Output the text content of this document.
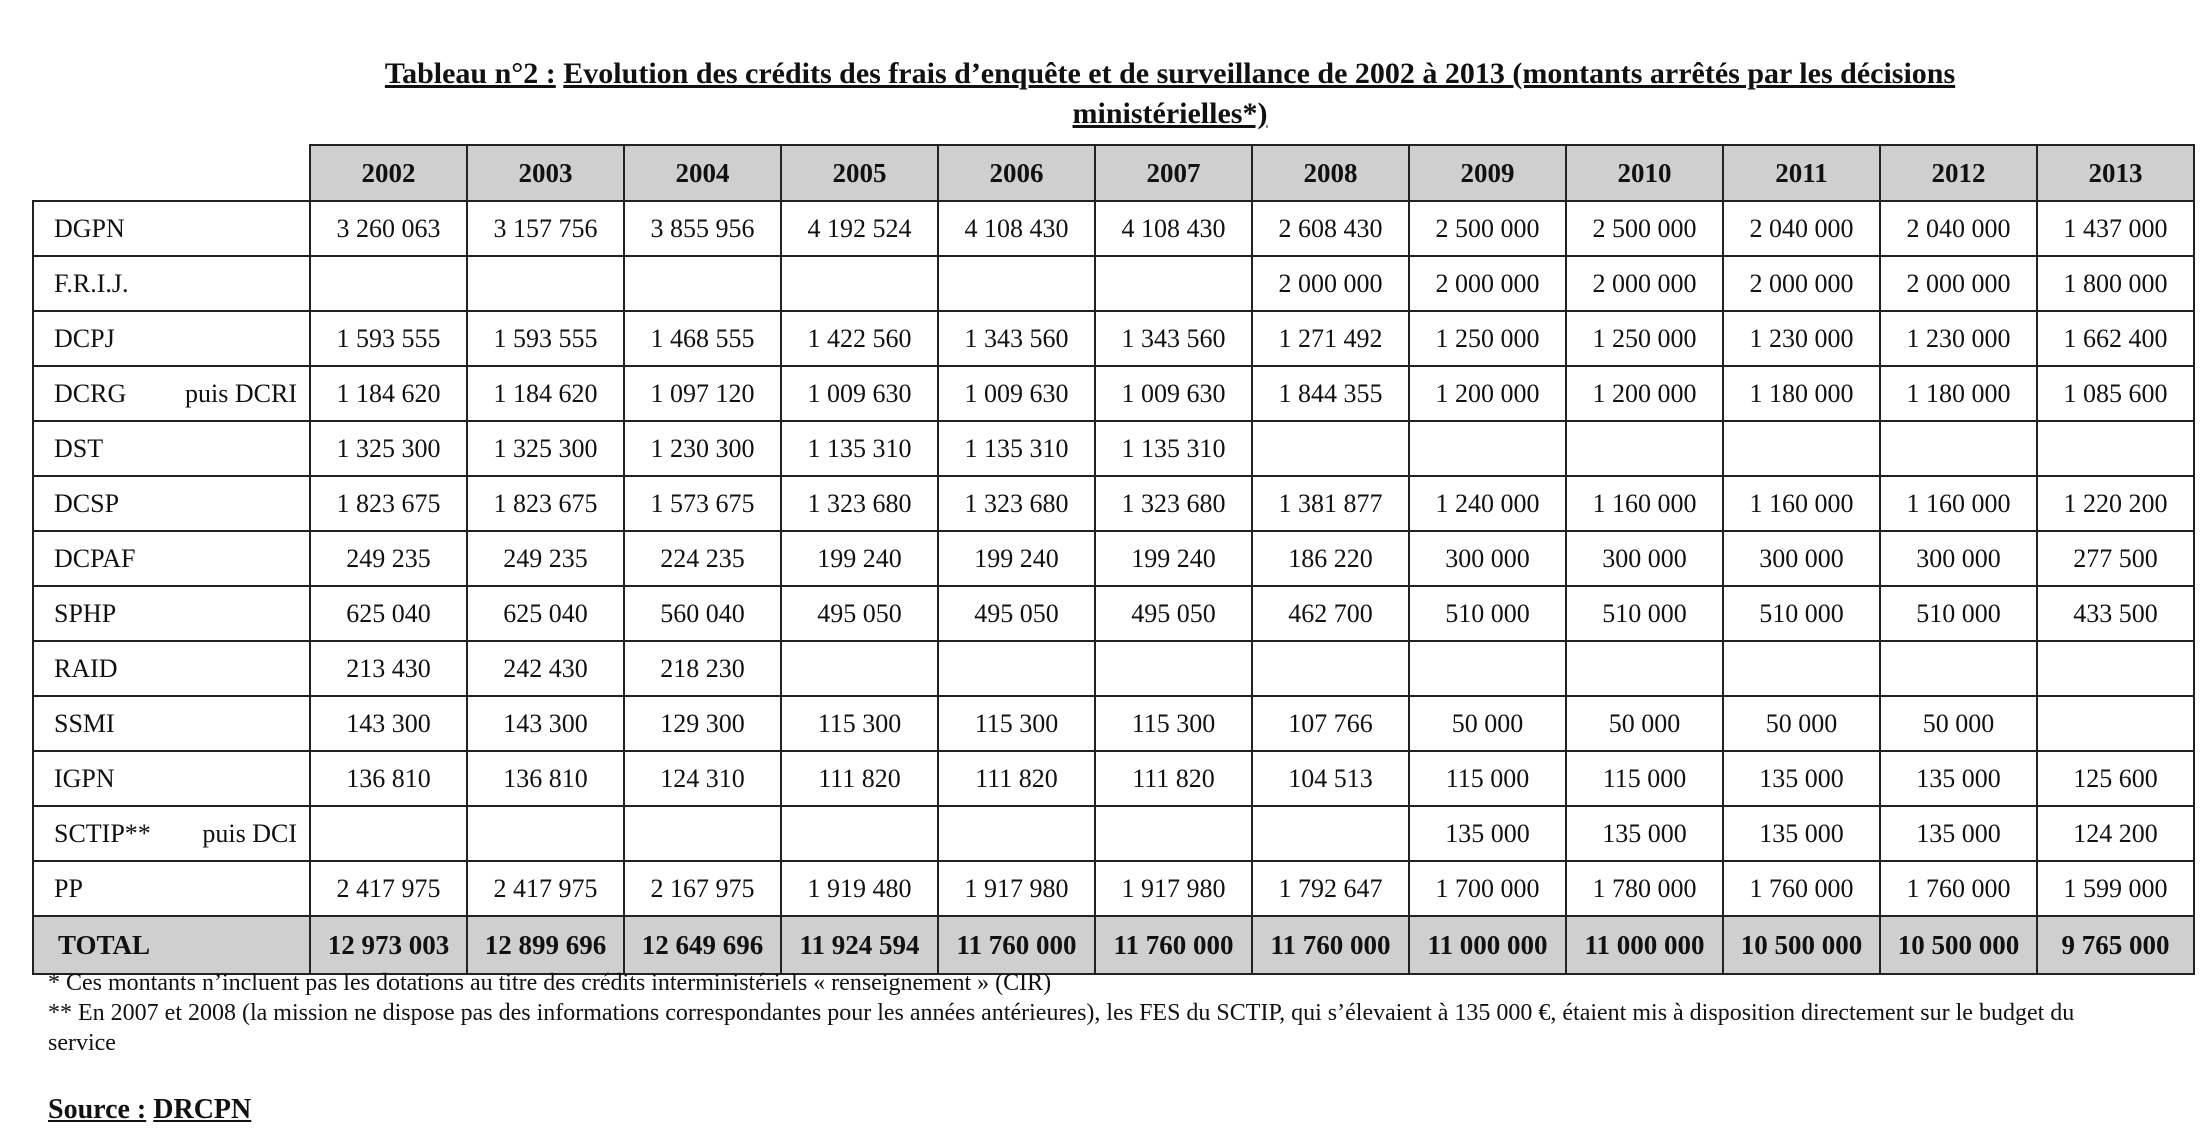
Tableau n°2 : Evolution des crédits des frais d’enquête et de surveillance de 2002 à 2013 (montants arrêtés par les décisions ministérielles*)
	2002	2003	2004	2005	2006	2007	2008	2009	2010	2011	2012	2013
DGPN	3 260 063	3 157 756	3 855 956	4 192 524	4 108 430	4 108 430	2 608 430	2 500 000	2 500 000	2 040 000	2 040 000	1 437 000
F.R.I.J.							2 000 000	2 000 000	2 000 000	2 000 000	2 000 000	1 800 000
DCPJ	1 593 555	1 593 555	1 468 555	1 422 560	1 343 560	1 343 560	1 271 492	1 250 000	1 250 000	1 230 000	1 230 000	1 662 400
DCRG puis DCRI	1 184 620	1 184 620	1 097 120	1 009 630	1 009 630	1 009 630	1 844 355	1 200 000	1 200 000	1 180 000	1 180 000	1 085 600
DST	1 325 300	1 325 300	1 230 300	1 135 310	1 135 310	1 135 310						
DCSP	1 823 675	1 823 675	1 573 675	1 323 680	1 323 680	1 323 680	1 381 877	1 240 000	1 160 000	1 160 000	1 160 000	1 220 200
DCPAF	249 235	249 235	224 235	199 240	199 240	199 240	186 220	300 000	300 000	300 000	300 000	277 500
SPHP	625 040	625 040	560 040	495 050	495 050	495 050	462 700	510 000	510 000	510 000	510 000	433 500
RAID	213 430	242 430	218 230									
SSMI	143 300	143 300	129 300	115 300	115 300	115 300	107 766	50 000	50 000	50 000	50 000	
IGPN	136 810	136 810	124 310	111 820	111 820	111 820	104 513	115 000	115 000	135 000	135 000	125 600
SCTIP** puis DCI								135 000	135 000	135 000	135 000	124 200
PP	2 417 975	2 417 975	2 167 975	1 919 480	1 917 980	1 917 980	1 792 647	1 700 000	1 780 000	1 760 000	1 760 000	1 599 000
TOTAL	12 973 003	12 899 696	12 649 696	11 924 594	11 760 000	11 760 000	11 760 000	11 000 000	11 000 000	10 500 000	10 500 000	9 765 000

* Ces montants n’incluent pas les dotations au titre des crédits interministériels « renseignement » (CIR)

** En 2007 et 2008 (la mission ne dispose pas des informations correspondantes pour les années antérieures), les FES du SCTIP, qui s’élevaient à 135 000 €, étaient mis à disposition directement sur le budget du service

Source : DRCPN
